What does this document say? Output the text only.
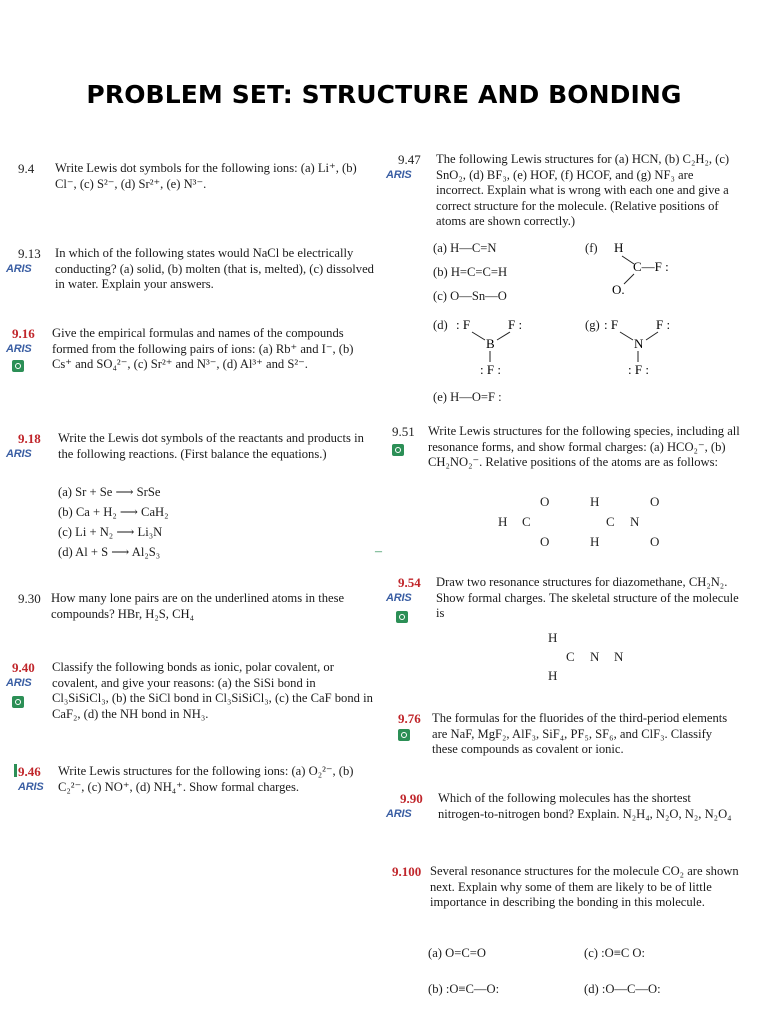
PROBLEM SET: STRUCTURE AND BONDING
9.4 Write Lewis dot symbols for the following ions: (a) Li⁺, (b) Cl⁻, (c) S²⁻, (d) Sr²⁺, (e) N³⁻.
9.13
ARIS
In which of the following states would NaCl be electrically conducting? (a) solid, (b) molten (that is, melted), (c) dissolved in water. Explain your answers.
9.16
ARIS
Give the empirical formulas and names of the compounds formed from the following pairs of ions: (a) Rb⁺ and I⁻, (b) Cs⁺ and SO₄²⁻, (c) Sr²⁺ and N³⁻, (d) Al³⁺ and S²⁻.
9.18
ARIS
Write the Lewis dot symbols of the reactants and products in the following reactions. (First balance the equations.)
(a) Sr + Se ⟶ SrSe
(b) Ca + H₂ ⟶ CaH₂
(c) Li + N₂ ⟶ Li₃N
(d) Al + S ⟶ Al₂S₃
9.30 How many lone pairs are on the underlined atoms in these compounds? HBr, H₂S, CH₄
9.40
ARIS
Classify the following bonds as ionic, polar covalent, or covalent, and give your reasons: (a) the SiSi bond in Cl₃SiSiCl₃, (b) the SiCl bond in Cl₃SiSiCl₃, (c) the CaF bond in CaF₂, (d) the NH bond in NH₃.
9.46
ARIS
Write Lewis structures for the following ions: (a) O₂²⁻, (b) C₂²⁻, (c) NO⁺, (d) NH₄⁺. Show formal charges.
9.47
ARIS
The following Lewis structures for (a) HCN, (b) C₂H₂, (c) SnO₂, (d) BF₃, (e) HOF, (f) HCOF, and (g) NF₃ are incorrect. Explain what is wrong with each one and give a correct structure for the molecule. (Relative positions of atoms are shown correctly.)
(a) H—C=N
(b) H=C=C=H
(c) O—Sn—O
(d) : F	F :
B
: F :
(e) H—O=F :
(f) H
C—F :
O.
(g) : F	F :
N
: F :
9.51 Write Lewis structures for the following species, including all resonance forms, and show formal charges: (a) HCO₂⁻, (b) CH₂NO₂⁻. Relative positions of the atoms are as follows:
O
H C
O
H
C N
H
O
O
–
9.54
ARIS
Draw two resonance structures for diazomethane, CH₂N₂. Show formal charges. The skeletal structure of the molecule is
H
C N N
H
9.76 The formulas for the fluorides of the third-period elements are NaF, MgF₂, AlF₃, SiF₄, PF₅, SF₆, and ClF₃. Classify these compounds as covalent or ionic.
9.90
ARIS
Which of the following molecules has the shortest nitrogen-to-nitrogen bond? Explain. N₂H₄, N₂O, N₂, N₂O₄
9.100 Several resonance structures for the molecule CO₂ are shown next. Explain why some of them are likely to be of little importance in describing the bonding in this molecule.
(a) O=C=O
(b) :O≡C—O:
(c) :O≡C O:
(d) :O—C—O:
